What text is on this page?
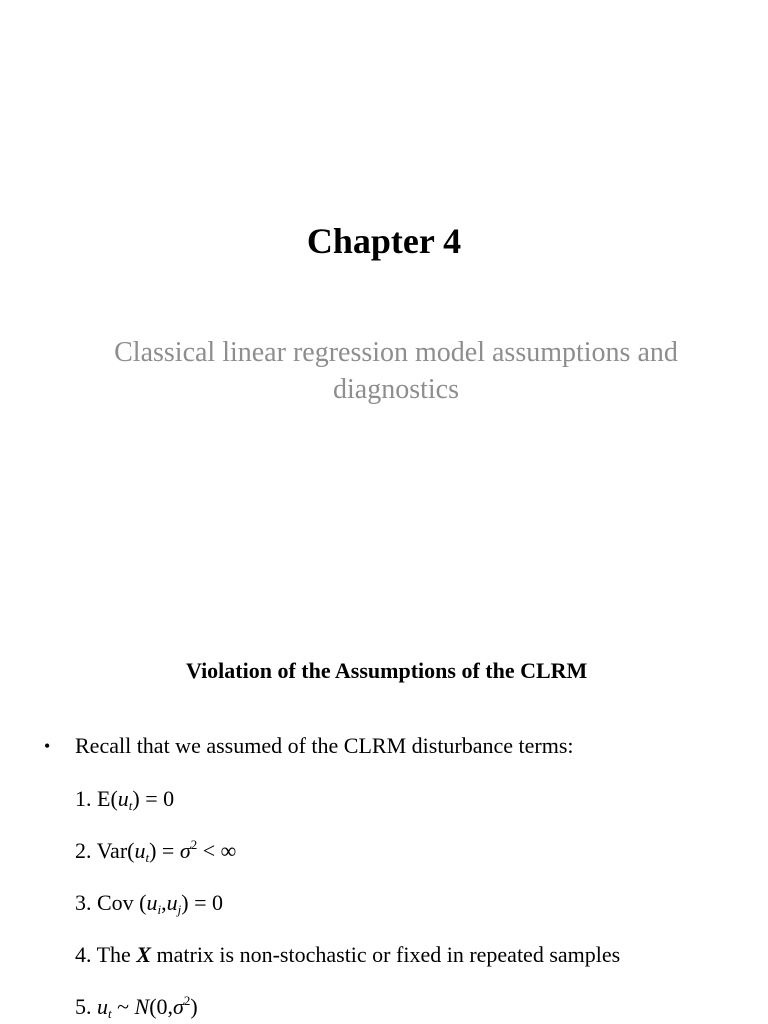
Chapter 4
Classical linear regression model assumptions and diagnostics
Violation of the Assumptions of the CLRM
• Recall that we assumed of the CLRM disturbance terms:
1. $E(u_t) = 0$
2. $Var(u_t) = \sigma^2$ < ∞
3. Cov $(u_i,u_j) = 0$
4. The X matrix is non-stochastic or fixed in repeated samples
5. $u_t$ ~ $N(0,\sigma^2)$
